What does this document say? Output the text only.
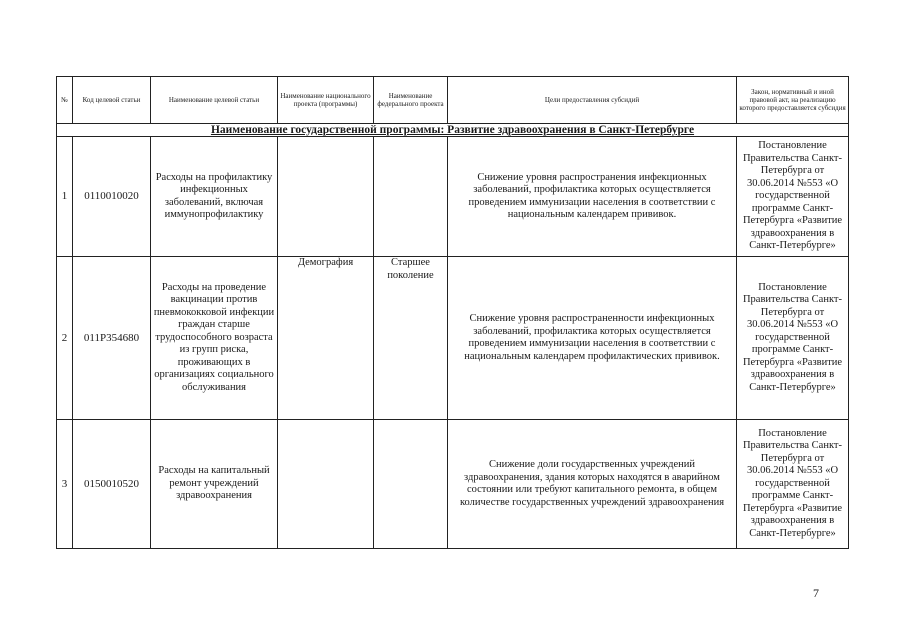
№	Код целевой статьи	Наименование целевой статьи	Наименование национального проекта (программы)	Наименование федерального проекта	Цели предоставления субсидий	Закон, нормативный и иной правовой акт, на реализацию которого предоставляется субсидия
Наименование государственной программы: Развитие здравоохранения в Санкт-Петербурге						
1	0110010020	Расходы на профилактику инфекционных заболеваний, включая иммунопрофилактику			Снижение уровня распространения инфекционных заболеваний, профилактика которых осуществляется проведением иммунизации населения в соответствии с национальным календарем прививок.	Постановление Правительства Санкт-Петербурга от 30.06.2014 №553 «О государственной программе Санкт-Петербурга «Развитие здравоохранения в Санкт-Петербурге»
2	011P354680	Расходы на проведение вакцинации против пневмококковой инфекции граждан старше трудоспособного возраста из групп риска, проживающих в организациях социального обслуживания	Демография	Старшее поколение	Снижение уровня распространенности инфекционных заболеваний, профилактика которых осуществляется проведением иммунизации населения в соответствии с национальным календарем профилактических прививок.	Постановление Правительства Санкт-Петербурга от 30.06.2014 №553 «О государственной программе Санкт-Петербурга «Развитие здравоохранения в Санкт-Петербурге»
3	0150010520	Расходы на капитальный ремонт учреждений здравоохранения			Снижение доли государственных учреждений здравоохранения, здания которых находятся в аварийном состоянии или требуют капитального ремонта, в общем количестве государственных учреждений здравоохранения	Постановление Правительства Санкт-Петербурга от 30.06.2014 №553 «О государственной программе Санкт-Петербурга «Развитие здравоохранения в Санкт-Петербурге»
7
